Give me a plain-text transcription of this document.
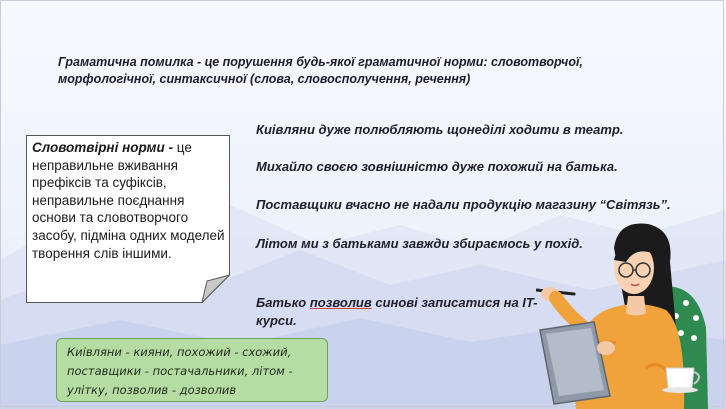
Граматична помилка - це порушення будь-якої граматичної норми: словотворчої, морфологічної, синтаксичної (слова, словосполучення, речення)
Словотвірні норми - це неправильне вживання префіксів та суфіксів, неправильне поєднання основи та словотворчого засобу, підміна одних моделей творення слів іншими.
Киівляни дуже полюбляють щонеділі ходити в театр.
Михайло своєю зовнішністю дуже похожий на батька.
Поставщики вчасно не надали продукцію магазину “Світязь”.
Літом ми з батьками завжди збираємось у похід.
Батько позволив синові записатися на IT-курси.
Киівляни - кияни, похожий - схожий, поставщики - постачальники, літом - улітку, позволив - дозволив
